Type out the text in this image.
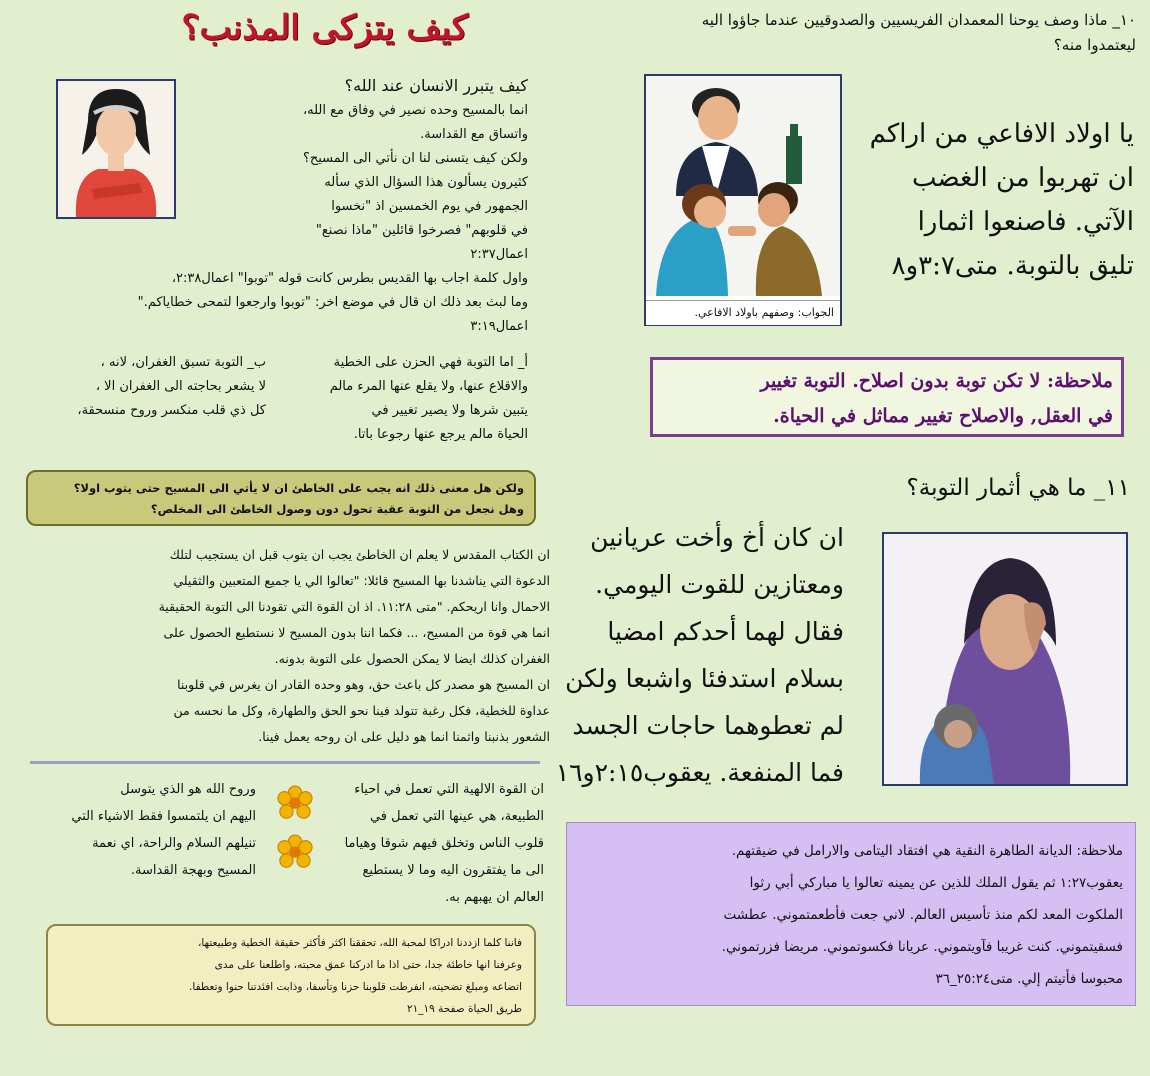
كيف يتزكى المذنب؟
كيف يتبرر الانسان عند الله؟
انما بالمسيح وحده نصير في وفاق مع الله،
واتساق مع القداسة.
ولكن كيف يتسنى لنا ان نأتي الى المسيح؟
كثيرون يسألون هذا السؤال الذي سأله
الجمهور في يوم الخمسين اذ "نخسوا
في قلوبهم" فصرخوا قائلين "ماذا نصنع"
اعمال٢:٣٧
واول كلمة اجاب بها القديس بطرس كانت قوله "توبوا" اعمال٢:٣٨،
وما لبث بعد ذلك ان قال في موضع اخر: "توبوا وارجعوا لتمحى خطاياكم."
اعمال٣:١٩
أ_ اما التوبة فهي الحزن على الخطية
والاقلاع عنها، ولا يقلع عنها المرء مالم
يتبين شرها ولا يصير تغيير في
الحياة مالم يرجع عنها رجوعا باتا.
ب_ التوبة تسبق الغفران، لانه ،
لا يشعر بحاجته الى الغفران الا ،
كل ذي قلب منكسر وروح منسحقة،
ولكن هل معنى ذلك انه يجب على الخاطئ ان لا يأتي الى المسيح حتى يتوب اولا؟
وهل نجعل من التوبة عقبة تحول دون وصول الخاطئ الى المخلص؟
ان الكتاب المقدس لا يعلم ان الخاطئ يجب ان يتوب قبل ان يستجيب لتلك
الدعوة التي يناشدنا بها المسيح قائلا: "تعالوا الي يا جميع المتعبين والثقيلي
الاحمال وانا اريحكم. "متى ١١:٢٨. اذ ان القوة التي تقودنا الى التوبة الحقيقية
انما هي قوة من المسيح، ... فكما اننا بدون المسيح لا نستطيع الحصول على
الغفران كذلك ايضا لا يمكن الحصول على التوبة بدونه.
ان المسيح هو مصدر كل باعث حق، وهو وحده القادر ان يغرس في قلوبنا
عداوة للخطية، فكل رغبة تتولد فينا نحو الحق والطهارة، وكل ما نحسه من
الشعور بذنبنا واثمنا انما هو دليل على ان روحه يعمل فينا.
ان القوة الالهية التي تعمل في احياء
الطبيعة، هي عينها التي تعمل في
قلوب الناس وتخلق فيهم شوقا وهياما
الى ما يفتقرون اليه وما لا يستطيع
العالم ان يهبهم به.
وروح الله هو الذي يتوسل
اليهم ان يلتمسوا فقط الاشياء التي
تنيلهم السلام والراحة، اي نعمة
المسيح وبهجة القداسة.
فاننا كلما ازددنا ادراكا لمحبة الله، تحققنا اكثر فأكثر حقيقة الخطية وطبيعتها،
وعرفنا انها خاطئة جدا، حتى اذا ما ادركنا عمق محبته، واطلعنا على مدى
اتضاعه ومبلغ تضحيته، انفرطت قلوبنا حزنا وتأسفا، وذابت افئدتنا حنوا وتعطفا.
طريق الحياة صفحة ١٩_٢١
١٠_ ماذا وصف يوحنا المعمدان الفريسيين والصدوقيين عندما جاؤوا اليه
ليعتمدوا منه؟
الجواب: وصفهم باولاد الافاعي.
يا اولاد الافاعي من اراكم
ان تهربوا من الغضب
الآتي. فاصنعوا اثمارا
تليق بالتوبة. متى٣:٧و٨
ملاحظة: لا تكن توبة بدون اصلاح. التوبة تغيير
في العقل, والاصلاح تغيير مماثل في الحياة.
١١_ ما هي أثمار التوبة؟
ان كان أخ وأخت عريانين
ومعتازين للقوت اليومي.
فقال لهما أحدكم امضيا
بسلام استدفئا واشبعا ولكن
لم تعطوهما حاجات الجسد
فما المنفعة. يعقوب٢:١٥و١٦
ملاحظة: الديانة الطاهرة النقية هي افتقاد اليتامى والارامل في ضيقتهم.
يعقوب١:٢٧ ثم يقول الملك للذين عن يمينه تعالوا يا مباركي أبي رثوا
الملكوت المعد لكم منذ تأسيس العالم. لاني جعت فأطعمتموني. عطشت
فسقيتموني. كنت غريبا فآويتموني. عريانا فكسوتموني. مريضا فزرتموني.
محبوسا فأتيتم إلي. متى٢٥:٢٤_٣٦
